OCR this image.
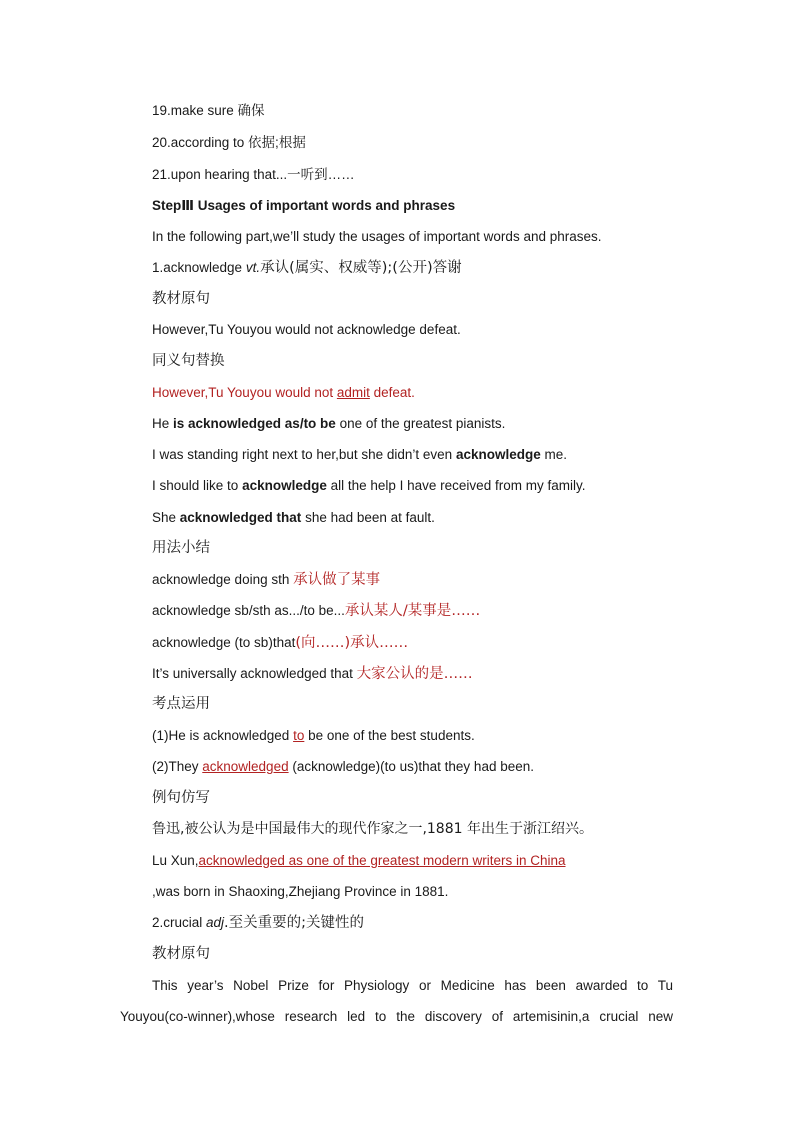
19.make sure 确保
20.according to 依据;根据
21.upon hearing that...一听到……
StepⅢ Usages of important words and phrases
In the following part,we’ll study the usages of important words and phrases.
1.acknowledge vt.承认(属实、权威等);(公开)答谢
教材原句
However,Tu Youyou would not acknowledge defeat.
同义句替换
However,Tu Youyou would not admit defeat.
He is acknowledged as/to be one of the greatest pianists.
I was standing right next to her,but she didn’t even acknowledge me.
I should like to acknowledge all the help I have received from my family.
She acknowledged that she had been at fault.
用法小结
acknowledge doing sth 承认做了某事
acknowledge sb/sth as.../to be...承认某人/某事是……
acknowledge (to sb)that(向……)承认……
It’s universally acknowledged that 大家公认的是……
考点运用
(1)He is acknowledged to be one of the best students.
(2)They acknowledged (acknowledge)(to us)that they had been.
例句仿写
鲁迅,被公认为是中国最伟大的现代作家之一,1881 年出生于浙江绍兴。
Lu Xun,acknowledged as one of the greatest modern writers in China
,was born in Shaoxing,Zhejiang Province in 1881.
2.crucial adj.至关重要的;关键性的
教材原句
This year’s Nobel Prize for Physiology or Medicine has been awarded to Tu
Youyou(co-winner),whose research led to the discovery of artemisinin,a crucial new
